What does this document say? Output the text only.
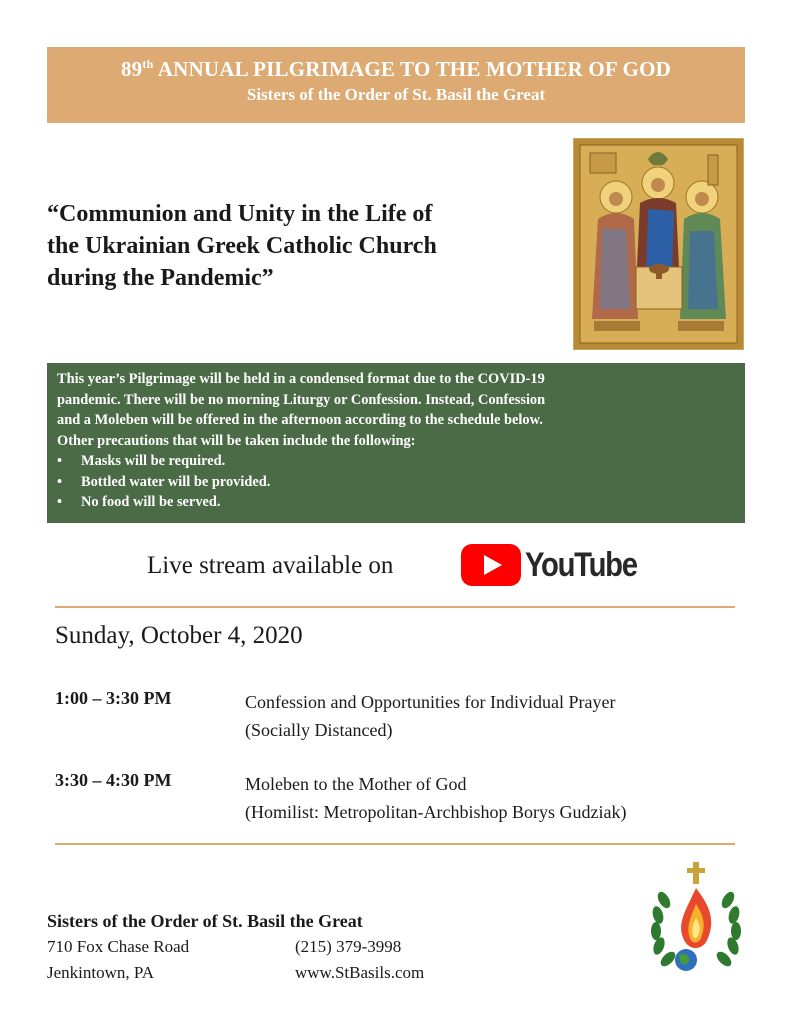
89th ANNUAL PILGRIMAGE TO THE MOTHER OF GOD
Sisters of the Order of St. Basil the Great
“Communion and Unity in the Life of
the Ukrainian Greek Catholic Church
during the Pandemic”
This year’s Pilgrimage will be held in a condensed format due to the COVID-19
pandemic. There will be no morning Liturgy or Confession. Instead, Confession
and a Moleben will be offered in the afternoon according to the schedule below.
Other precautions that will be taken include the following:
• Masks will be required.
• Bottled water will be provided.
• No food will be served.
Live stream available on	YouTube
Sunday, October 4, 2020
1:00 – 3:30 PM	Confession and Opportunities for Individual Prayer
(Socially Distanced)
3:30 – 4:30 PM	Moleben to the Mother of God
(Homilist: Metropolitan-Archbishop Borys Gudziak)
Sisters of the Order of St. Basil the Great
710 Fox Chase Road	(215) 379-3998
Jenkintown, PA	www.StBasils.com
